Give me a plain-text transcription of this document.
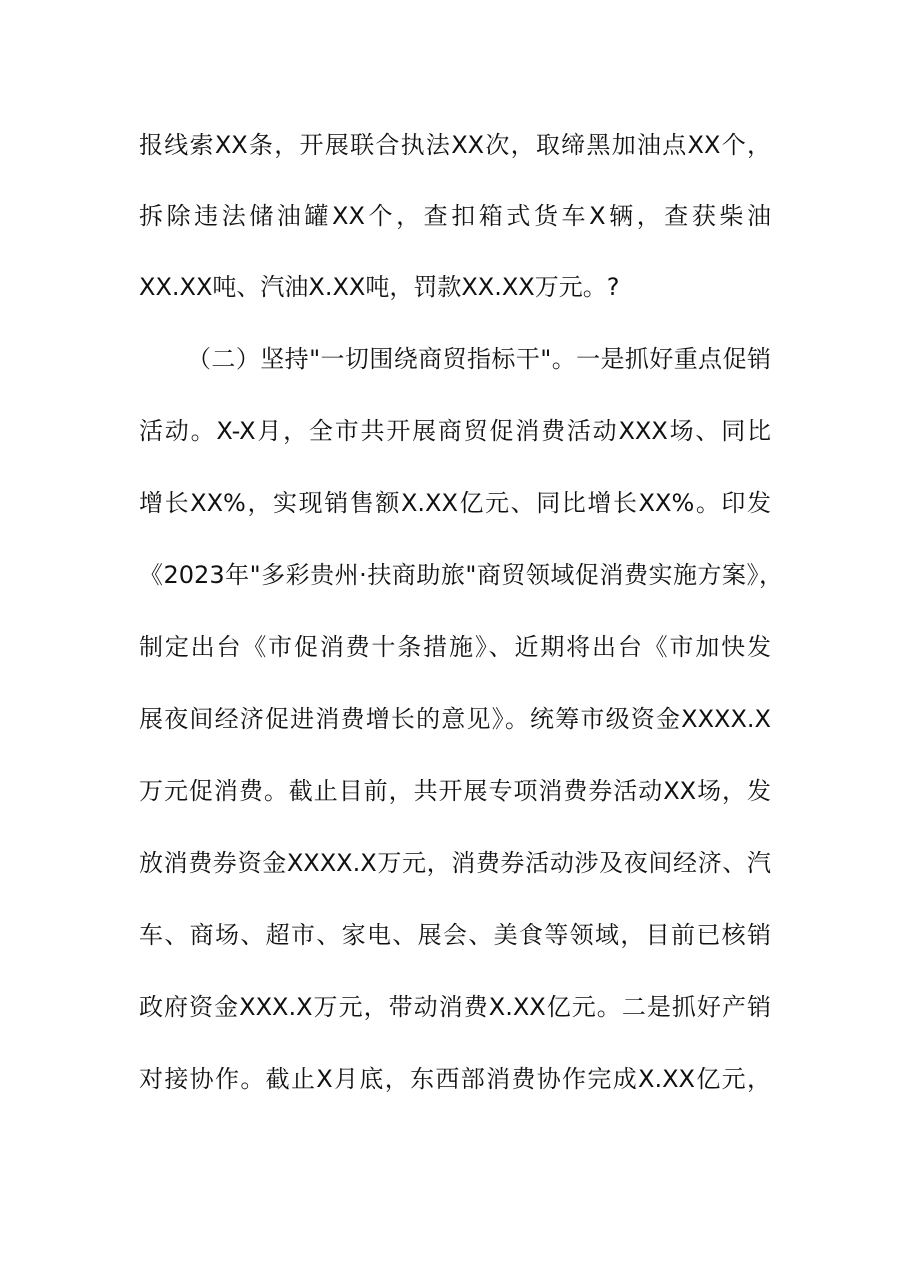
报线索XX条，开展联合执法XX次，取缔黑加油点XX个，
拆除违法储油罐XX个，查扣箱式货车X辆，查获柴油
XX.XX吨、汽油X.XX吨，罚款XX.XX万元。?
（二）坚持"一切围绕商贸指标干"。一是抓好重点促销
活动。X-X月，全市共开展商贸促消费活动XXX场、同比
增长XX%，实现销售额X.XX亿元、同比增长XX%。印发
《2023年"多彩贵州·扶商助旅"商贸领域促消费实施方案》，
制定出台《市促消费十条措施》、近期将出台《市加快发
展夜间经济促进消费增长的意见》。统筹市级资金XXXX.X
万元促消费。截止目前，共开展专项消费券活动XX场，发
放消费券资金XXXX.X万元，消费券活动涉及夜间经济、汽
车、商场、超市、家电、展会、美食等领域，目前已核销
政府资金XXX.X万元，带动消费X.XX亿元。二是抓好产销
对接协作。截止X月底，东西部消费协作完成X.XX亿元，
